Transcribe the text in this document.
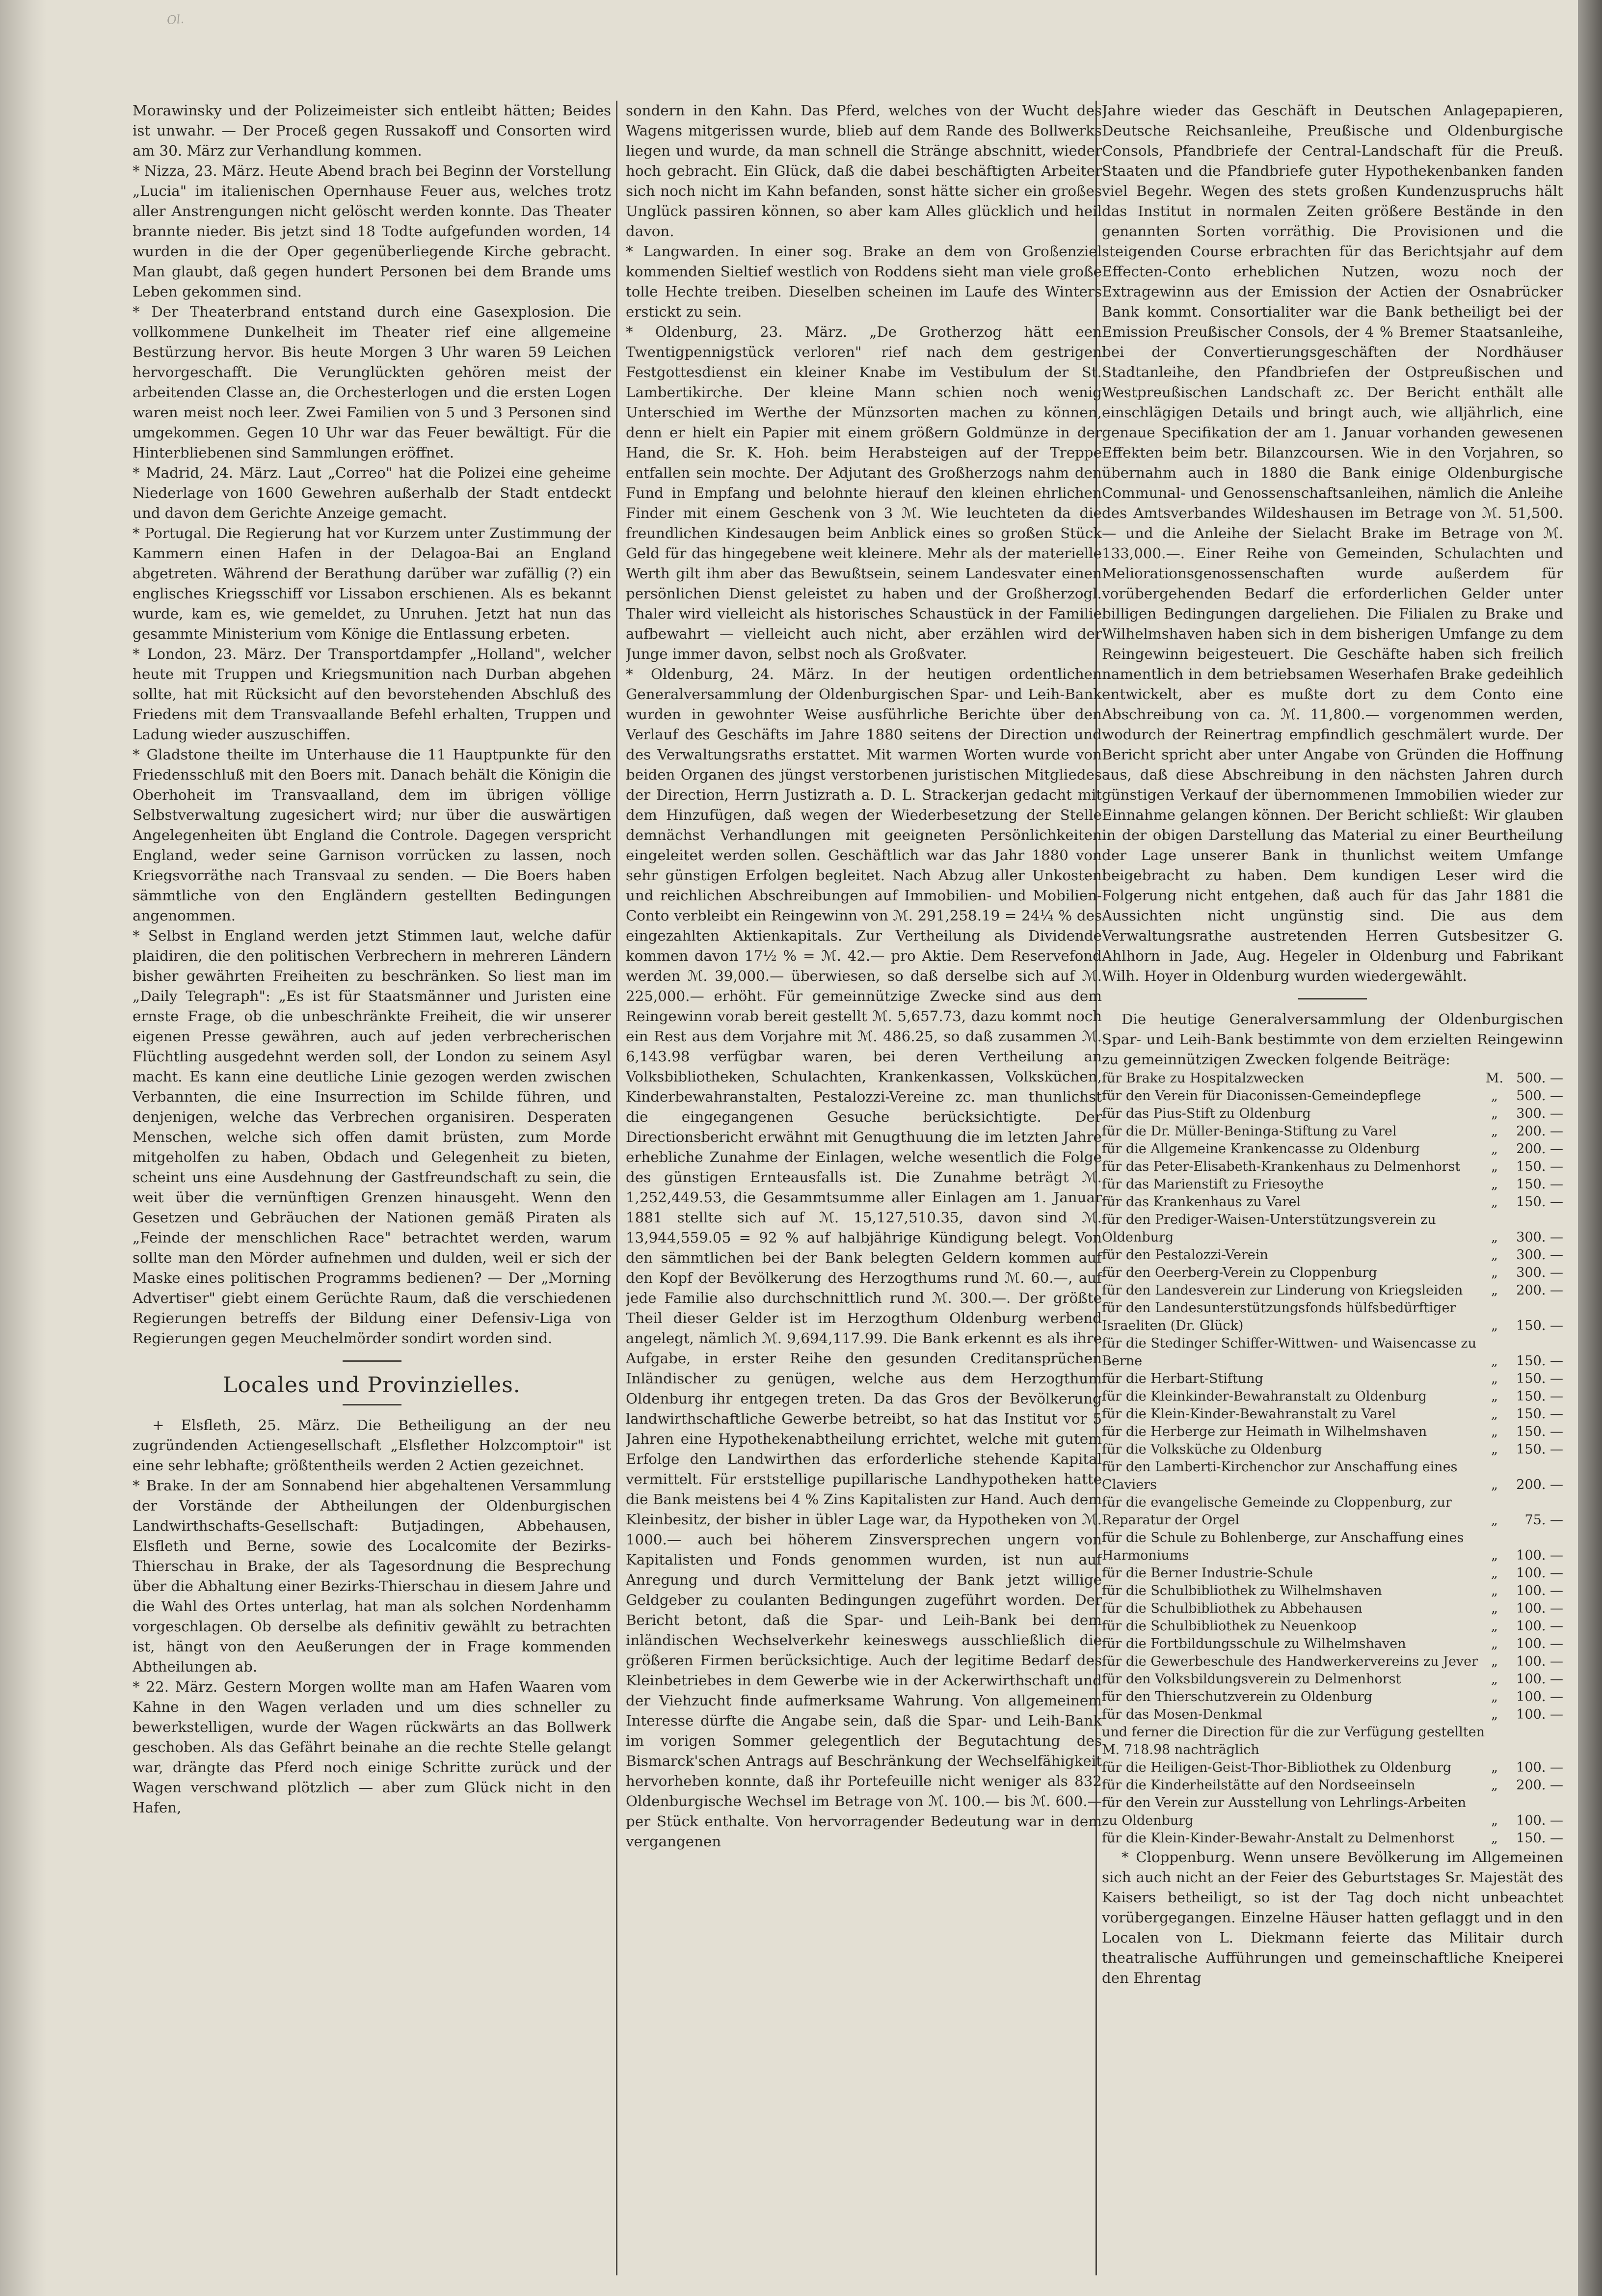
Ol.

Morawinsky und der Polizeimeister sich entleibt hätten; Beides ist unwahr. — Der Proceß gegen Russakoff und Consorten wird am 30. März zur Verhandlung kommen.

* Nizza, 23. März. Heute Abend brach bei Beginn der Vorstellung „Lucia" im italienischen Opernhause Feuer aus, welches trotz aller Anstrengungen nicht gelöscht werden konnte. Das Theater brannte nieder. Bis jetzt sind 18 Todte aufgefunden worden, 14 wurden in die der Oper gegenüberliegende Kirche gebracht. Man glaubt, daß gegen hundert Personen bei dem Brande ums Leben gekommen sind.

* Der Theaterbrand entstand durch eine Gasexplosion. Die vollkommene Dunkelheit im Theater rief eine allgemeine Bestürzung hervor. Bis heute Morgen 3 Uhr waren 59 Leichen hervorgeschafft. Die Verunglückten gehören meist der arbeitenden Classe an, die Orchesterlogen und die ersten Logen waren meist noch leer. Zwei Familien von 5 und 3 Personen sind umgekommen. Gegen 10 Uhr war das Feuer bewältigt. Für die Hinterbliebenen sind Sammlungen eröffnet.

* Madrid, 24. März. Laut „Correo" hat die Polizei eine geheime Niederlage von 1600 Gewehren außerhalb der Stadt entdeckt und davon dem Gerichte Anzeige gemacht.

* Portugal. Die Regierung hat vor Kurzem unter Zustimmung der Kammern einen Hafen in der Delagoa-Bai an England abgetreten. Während der Berathung darüber war zufällig (?) ein englisches Kriegsschiff vor Lissabon erschienen. Als es bekannt wurde, kam es, wie gemeldet, zu Unruhen. Jetzt hat nun das gesammte Ministerium vom Könige die Entlassung erbeten.

* London, 23. März. Der Transportdampfer „Holland", welcher heute mit Truppen und Kriegsmunition nach Durban abgehen sollte, hat mit Rücksicht auf den bevorstehenden Abschluß des Friedens mit dem Transvaallande Befehl erhalten, Truppen und Ladung wieder auszuschiffen.

* Gladstone theilte im Unterhause die 11 Hauptpunkte für den Friedensschluß mit den Boers mit. Danach behält die Königin die Oberhoheit im Transvaalland, dem im übrigen völlige Selbstverwaltung zugesichert wird; nur über die auswärtigen Angelegenheiten übt England die Controle. Dagegen verspricht England, weder seine Garnison vorrücken zu lassen, noch Kriegsvorräthe nach Transvaal zu senden. — Die Boers haben sämmtliche von den Engländern gestellten Bedingungen angenommen.

* Selbst in England werden jetzt Stimmen laut, welche dafür plaidiren, die den politischen Verbrechern in mehreren Ländern bisher gewährten Freiheiten zu beschränken. So liest man im „Daily Telegraph": „Es ist für Staatsmänner und Juristen eine ernste Frage, ob die unbeschränkte Freiheit, die wir unserer eigenen Presse gewähren, auch auf jeden verbrecherischen Flüchtling ausgedehnt werden soll, der London zu seinem Asyl macht. Es kann eine deutliche Linie gezogen werden zwischen Verbannten, die eine Insurrection im Schilde führen, und denjenigen, welche das Verbrechen organisiren. Desperaten Menschen, welche sich offen damit brüsten, zum Morde mitgeholfen zu haben, Obdach und Gelegenheit zu bieten, scheint uns eine Ausdehnung der Gastfreundschaft zu sein, die weit über die vernünftigen Grenzen hinausgeht. Wenn den Gesetzen und Gebräuchen der Nationen gemäß Piraten als „Feinde der menschlichen Race" betrachtet werden, warum sollte man den Mörder aufnehmen und dulden, weil er sich der Maske eines politischen Programms bedienen? — Der „Morning Advertiser" giebt einem Gerüchte Raum, daß die verschiedenen Regierungen betreffs der Bildung einer Defensiv-Liga von Regierungen gegen Meuchelmörder sondirt worden sind.

Locales und Provinzielles.

+ Elsfleth, 25. März. Die Betheiligung an der neu zugründenden Actiengesellschaft „Elsflether Holzcomptoir" ist eine sehr lebhafte; größtentheils werden 2 Actien gezeichnet.

* Brake. In der am Sonnabend hier abgehaltenen Versammlung der Vorstände der Abtheilungen der Oldenburgischen Landwirthschafts-Gesellschaft: Butjadingen, Abbehausen, Elsfleth und Berne, sowie des Localcomite der Bezirks-Thierschau in Brake, der als Tagesordnung die Besprechung über die Abhaltung einer Bezirks-Thierschau in diesem Jahre und die Wahl des Ortes unterlag, hat man als solchen Nordenhamm vorgeschlagen. Ob derselbe als definitiv gewählt zu betrachten ist, hängt von den Aeußerungen der in Frage kommenden Abtheilungen ab.

* 22. März. Gestern Morgen wollte man am Hafen Waaren vom Kahne in den Wagen verladen und um dies schneller zu bewerkstelligen, wurde der Wagen rückwärts an das Bollwerk geschoben. Als das Gefährt beinahe an die rechte Stelle gelangt war, drängte das Pferd noch einige Schritte zurück und der Wagen verschwand plötzlich — aber zum Glück nicht in den Hafen,

sondern in den Kahn. Das Pferd, welches von der Wucht des Wagens mitgerissen wurde, blieb auf dem Rande des Bollwerks liegen und wurde, da man schnell die Stränge abschnitt, wieder hoch gebracht. Ein Glück, daß die dabei beschäftigten Arbeiter sich noch nicht im Kahn befanden, sonst hätte sicher ein großes Unglück passiren können, so aber kam Alles glücklich und heil davon.

* Langwarden. In einer sog. Brake an dem von Großenziel kommenden Sieltief westlich von Roddens sieht man viele große tolle Hechte treiben. Dieselben scheinen im Laufe des Winters erstickt zu sein.

* Oldenburg, 23. März. „De Grotherzog hätt een Twentigpennigstück verloren" rief nach dem gestrigen Festgottesdienst ein kleiner Knabe im Vestibulum der St. Lambertikirche. Der kleine Mann schien noch wenig Unterschied im Werthe der Münzsorten machen zu können, denn er hielt ein Papier mit einem größern Goldmünze in der Hand, die Sr. K. Hoh. beim Herabsteigen auf der Treppe entfallen sein mochte. Der Adjutant des Großherzogs nahm den Fund in Empfang und belohnte hierauf den kleinen ehrlichen Finder mit einem Geschenk von 3 ℳ. Wie leuchteten da die freundlichen Kindesaugen beim Anblick eines so großen Stück Geld für das hingegebene weit kleinere. Mehr als der materielle Werth gilt ihm aber das Bewußtsein, seinem Landesvater einen persönlichen Dienst geleistet zu haben und der Großherzogl. Thaler wird vielleicht als historisches Schaustück in der Familie aufbewahrt — vielleicht auch nicht, aber erzählen wird der Junge immer davon, selbst noch als Großvater.

* Oldenburg, 24. März. In der heutigen ordentlichen Generalversammlung der Oldenburgischen Spar- und Leih-Bank wurden in gewohnter Weise ausführliche Berichte über den Verlauf des Geschäfts im Jahre 1880 seitens der Direction und des Verwaltungsraths erstattet. Mit warmen Worten wurde von beiden Organen des jüngst verstorbenen juristischen Mitgliedes der Direction, Herrn Justizrath a. D. L. Strackerjan gedacht mit dem Hinzufügen, daß wegen der Wiederbesetzung der Stelle demnächst Verhandlungen mit geeigneten Persönlichkeiten eingeleitet werden sollen. Geschäftlich war das Jahr 1880 von sehr günstigen Erfolgen begleitet. Nach Abzug aller Unkosten und reichlichen Abschreibungen auf Immobilien- und Mobilien-Conto verbleibt ein Reingewinn von ℳ. 291,258.19 = 24¼ % des eingezahlten Aktienkapitals. Zur Vertheilung als Dividende kommen davon 17½ % = ℳ. 42.— pro Aktie. Dem Reservefond werden ℳ. 39,000.— überwiesen, so daß derselbe sich auf ℳ. 225,000.— erhöht. Für gemeinnützige Zwecke sind aus dem Reingewinn vorab bereit gestellt ℳ. 5,657.73, dazu kommt noch ein Rest aus dem Vorjahre mit ℳ. 486.25, so daß zusammen ℳ. 6,143.98 verfügbar waren, bei deren Vertheilung an Volksbibliotheken, Schulachten, Krankenkassen, Volksküchen, Kinderbewahranstalten, Pestalozzi-Vereine zc. man thunlichst die eingegangenen Gesuche berücksichtigte. Der Directionsbericht erwähnt mit Genugthuung die im letzten Jahre erhebliche Zunahme der Einlagen, welche wesentlich die Folge des günstigen Ernteausfalls ist. Die Zunahme beträgt ℳ. 1,252,449.53, die Gesammtsumme aller Einlagen am 1. Januar 1881 stellte sich auf ℳ. 15,127,510.35, davon sind ℳ. 13,944,559.05 = 92 % auf halbjährige Kündigung belegt. Von den sämmtlichen bei der Bank belegten Geldern kommen auf den Kopf der Bevölkerung des Herzogthums rund ℳ. 60.—, auf jede Familie also durchschnittlich rund ℳ. 300.—. Der größte Theil dieser Gelder ist im Herzogthum Oldenburg werbend angelegt, nämlich ℳ. 9,694,117.99. Die Bank erkennt es als ihre Aufgabe, in erster Reihe den gesunden Creditansprüchen Inländischer zu genügen, welche aus dem Herzogthum Oldenburg ihr entgegen treten. Da das Gros der Bevölkerung landwirthschaftliche Gewerbe betreibt, so hat das Institut vor 5 Jahren eine Hypothekenabtheilung errichtet, welche mit gutem Erfolge den Landwirthen das erforderliche stehende Kapital vermittelt. Für erststellige pupillarische Landhypotheken hatte die Bank meistens bei 4 % Zins Kapitalisten zur Hand. Auch dem Kleinbesitz, der bisher in übler Lage war, da Hypotheken von ℳ. 1000.— auch bei höherem Zinsversprechen ungern von Kapitalisten und Fonds genommen wurden, ist nun auf Anregung und durch Vermittelung der Bank jetzt willige Geldgeber zu coulanten Bedingungen zugeführt worden. Der Bericht betont, daß die Spar- und Leih-Bank bei dem inländischen Wechselverkehr keineswegs ausschließlich die größeren Firmen berücksichtige. Auch der legitime Bedarf des Kleinbetriebes in dem Gewerbe wie in der Ackerwirthschaft und der Viehzucht finde aufmerksame Wahrung. Von allgemeinem Interesse dürfte die Angabe sein, daß die Spar- und Leih-Bank im vorigen Sommer gelegentlich der Begutachtung des Bismarck'schen Antrags auf Beschränkung der Wechselfähigkeit hervorheben konnte, daß ihr Portefeuille nicht weniger als 832 Oldenburgische Wechsel im Betrage von ℳ. 100.— bis ℳ. 600.— per Stück enthalte. Von hervorragender Bedeutung war in dem vergangenen

Jahre wieder das Geschäft in Deutschen Anlagepapieren, Deutsche Reichsanleihe, Preußische und Oldenburgische Consols, Pfandbriefe der Central-Landschaft für die Preuß. Staaten und die Pfandbriefe guter Hypothekenbanken fanden viel Begehr. Wegen des stets großen Kundenzuspruchs hält das Institut in normalen Zeiten größere Bestände in den genannten Sorten vorräthig. Die Provisionen und die steigenden Course erbrachten für das Berichtsjahr auf dem Effecten-Conto erheblichen Nutzen, wozu noch der Extragewinn aus der Emission der Actien der Osnabrücker Bank kommt. Consortialiter war die Bank betheiligt bei der Emission Preußischer Consols, der 4 % Bremer Staatsanleihe, bei der Convertierungsgeschäften der Nordhäuser Stadtanleihe, den Pfandbriefen der Ostpreußischen und Westpreußischen Landschaft zc. Der Bericht enthält alle einschlägigen Details und bringt auch, wie alljährlich, eine genaue Specifikation der am 1. Januar vorhanden gewesenen Effekten beim betr. Bilanzcoursen. Wie in den Vorjahren, so übernahm auch in 1880 die Bank einige Oldenburgische Communal- und Genossenschaftsanleihen, nämlich die Anleihe des Amtsverbandes Wildeshausen im Betrage von ℳ. 51,500.— und die Anleihe der Sielacht Brake im Betrage von ℳ. 133,000.—. Einer Reihe von Gemeinden, Schulachten und Meliorationsgenossenschaften wurde außerdem für vorübergehenden Bedarf die erforderlichen Gelder unter billigen Bedingungen dargeliehen. Die Filialen zu Brake und Wilhelmshaven haben sich in dem bisherigen Umfange zu dem Reingewinn beigesteuert. Die Geschäfte haben sich freilich namentlich in dem betriebsamen Weserhafen Brake gedeihlich entwickelt, aber es mußte dort zu dem Conto eine Abschreibung von ca. ℳ. 11,800.— vorgenommen werden, wodurch der Reinertrag empfindlich geschmälert wurde. Der Bericht spricht aber unter Angabe von Gründen die Hoffnung aus, daß diese Abschreibung in den nächsten Jahren durch günstigen Verkauf der übernommenen Immobilien wieder zur Einnahme gelangen können. Der Bericht schließt: Wir glauben in der obigen Darstellung das Material zu einer Beurtheilung der Lage unserer Bank in thunlichst weitem Umfange beigebracht zu haben. Dem kundigen Leser wird die Folgerung nicht entgehen, daß auch für das Jahr 1881 die Aussichten nicht ungünstig sind. Die aus dem Verwaltungsrathe austretenden Herren Gutsbesitzer G. Ahlhorn in Jade, Aug. Hegeler in Oldenburg und Fabrikant Wilh. Hoyer in Oldenburg wurden wiedergewählt.

Die heutige Generalversammlung der Oldenburgischen Spar- und Leih-Bank bestimmte von dem erzielten Reingewinn zu gemeinnützigen Zwecken folgende Beiträge:

für Brake zu Hospitalzwecken	M.	500. —
für den Verein für Diaconissen-Gemeindepflege	„	500. —
für das Pius-Stift zu Oldenburg	„	300. —
für die Dr. Müller-Beninga-Stiftung zu Varel	„	200. —
für die Allgemeine Krankencasse zu Oldenburg	„	200. —
für das Peter-Elisabeth-Krankenhaus zu Delmenhorst	„	150. —
für das Marienstift zu Friesoythe	„	150. —
für das Krankenhaus zu Varel	„	150. —
für den Prediger-Waisen-Unterstützungsverein zu Oldenburg	„	300. —
für den Pestalozzi-Verein	„	300. —
für den Oeerberg-Verein zu Cloppenburg	„	300. —
für den Landesverein zur Linderung von Kriegsleiden	„	200. —
für den Landesunterstützungsfonds hülfsbedürftiger Israeliten (Dr. Glück)	„	150. —
für die Stedinger Schiffer-Wittwen- und Waisencasse zu Berne	„	150. —
für die Herbart-Stiftung	„	150. —
für die Kleinkinder-Bewahranstalt zu Oldenburg	„	150. —
für die Klein-Kinder-Bewahranstalt zu Varel	„	150. —
für die Herberge zur Heimath in Wilhelmshaven	„	150. —
für die Volksküche zu Oldenburg	„	150. —
für den Lamberti-Kirchenchor zur Anschaffung eines Claviers	„	200. —
für die evangelische Gemeinde zu Cloppenburg, zur Reparatur der Orgel	„	75. —
für die Schule zu Bohlenberge, zur Anschaffung eines Harmoniums	„	100. —
für die Berner Industrie-Schule	„	100. —
für die Schulbibliothek zu Wilhelmshaven	„	100. —
für die Schulbibliothek zu Abbehausen	„	100. —
für die Schulbibliothek zu Neuenkoop	„	100. —
für die Fortbildungsschule zu Wilhelmshaven	„	100. —
für die Gewerbeschule des Handwerkervereins zu Jever	„	100. —
für den Volksbildungsverein zu Delmenhorst	„	100. —
für den Thierschutzverein zu Oldenburg	„	100. —
für das Mosen-Denkmal	„	100. —
und ferner die Direction für die zur Verfügung gestellten M. 718.98 nachträglich		
für die Heiligen-Geist-Thor-Bibliothek zu Oldenburg	„	100. —
für die Kinderheilstätte auf den Nordseeinseln	„	200. —
für den Verein zur Ausstellung von Lehrlings-Arbeiten zu Oldenburg	„	100. —
für die Klein-Kinder-Bewahr-Anstalt zu Delmenhorst	„	150. —

* Cloppenburg. Wenn unsere Bevölkerung im Allgemeinen sich auch nicht an der Feier des Geburtstages Sr. Majestät des Kaisers betheiligt, so ist der Tag doch nicht unbeachtet vorübergegangen. Einzelne Häuser hatten geflaggt und in den Localen von L. Diekmann feierte das Militair durch theatralische Aufführungen und gemeinschaftliche Kneiperei den Ehrentag
